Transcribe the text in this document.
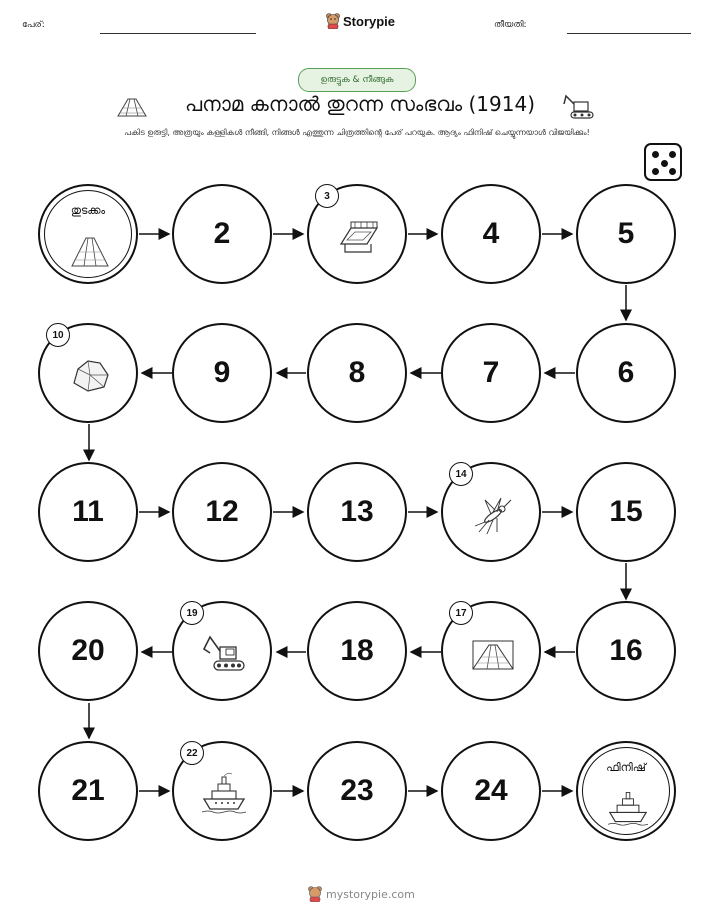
പേര്:	Storypie	തീയതി:
ഉരുട്ടുക & നീങ്ങുക
പനാമ കനാൽ തുറന്ന സംഭവം (1914)
പകിട ഉരുട്ടി, അത്രയും കള്ളികൾ നീങ്ങി, നിങ്ങൾ എത്തുന്ന ചിത്രത്തിന്റെ പേര് പറയുക. ആദ്യം ഫിനിഷ് ചെയ്യുന്നയാൾ വിജയിക്കും!
തുടക്കം
2
3
4	5
10
9	8	7	6
11	12	13
14
15
20
19
18
17
16
21
22
23	24
ഫിനിഷ്
mystorypie.com
